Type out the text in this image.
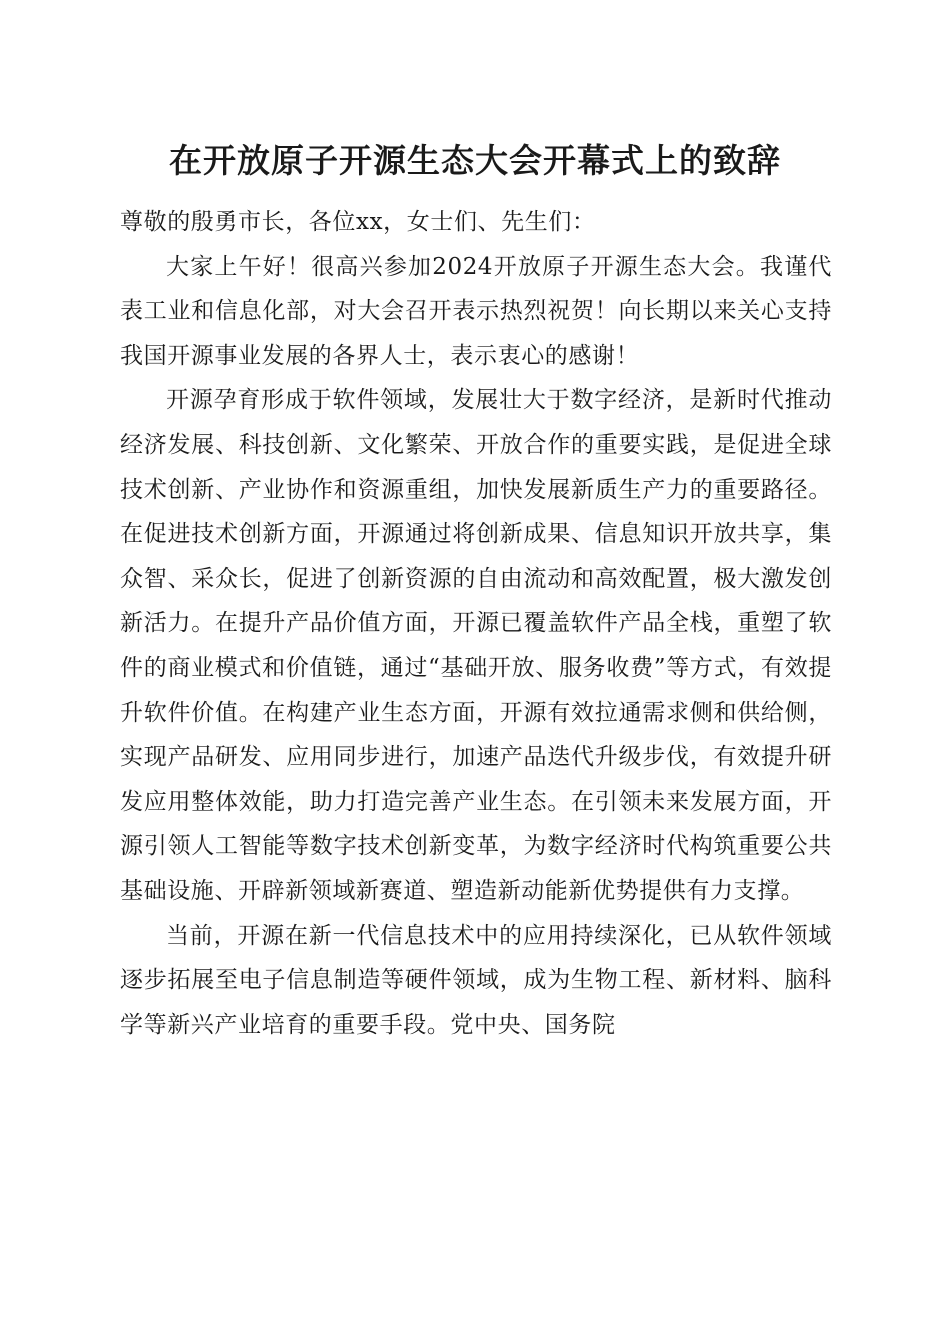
在开放原子开源生态大会开幕式上的致辞

尊敬的殷勇市长，各位xx，女士们、先生们：

大家上午好！很高兴参加2024开放原子开源生态大会。我谨代表工业和信息化部，对大会召开表示热烈祝贺！向长期以来关心支持我国开源事业发展的各界人士，表示衷心的感谢！

开源孕育形成于软件领域，发展壮大于数字经济，是新时代推动经济发展、科技创新、文化繁荣、开放合作的重要实践，是促进全球技术创新、产业协作和资源重组，加快发展新质生产力的重要路径。在促进技术创新方面，开源通过将创新成果、信息知识开放共享，集众智、采众长，促进了创新资源的自由流动和高效配置，极大激发创新活力。在提升产品价值方面，开源已覆盖软件产品全栈，重塑了软件的商业模式和价值链，通过“基础开放、服务收费”等方式，有效提升软件价值。在构建产业生态方面，开源有效拉通需求侧和供给侧，实现产品研发、应用同步进行，加速产品迭代升级步伐，有效提升研发应用整体效能，助力打造完善产业生态。在引领未来发展方面，开源引领人工智能等数字技术创新变革，为数字经济时代构筑重要公共基础设施、开辟新领域新赛道、塑造新动能新优势提供有力支撑。

当前，开源在新一代信息技术中的应用持续深化，已从软件领域逐步拓展至电子信息制造等硬件领域，成为生物工程、新材料、脑科学等新兴产业培育的重要手段。党中央、国务院
